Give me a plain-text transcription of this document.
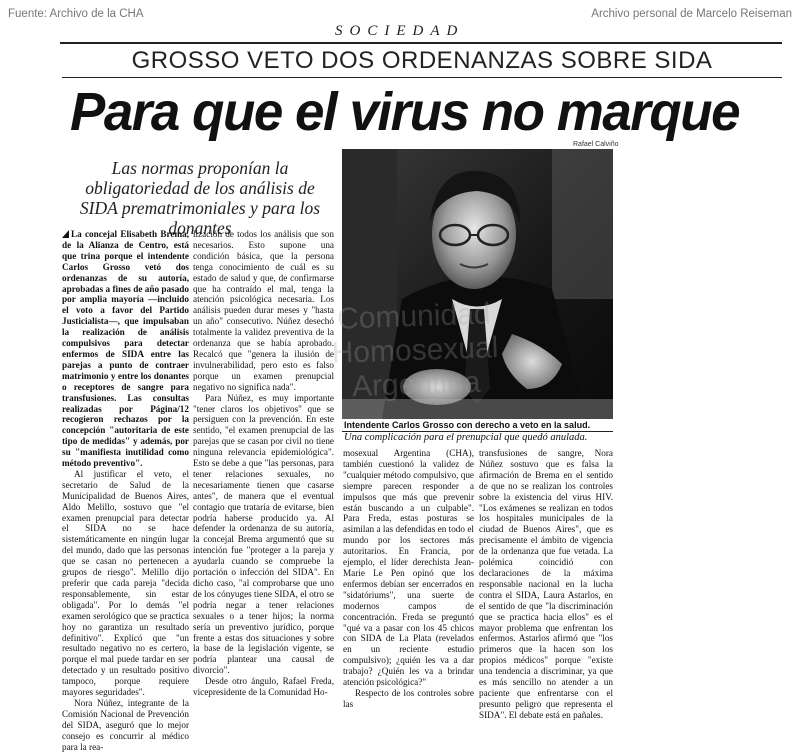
Fuente: Archivo de la CHA	Archivo personal de Marcelo Reiseman
SOCIEDAD
GROSSO VETO DOS ORDENANZAS SOBRE SIDA
Para que el virus no marque
Rafael Calviño
Las normas proponían la obligatoriedad de los análisis de SIDA prematrimoniales y para los donantes
Comunidad Homosexual Argentina
Intendente Carlos Grosso con derecho a veto en la salud.
Una complicación para el prenupcial que quedó anulada.

La concejal Elisabeth Brema, de la Alianza de Centro, está que trina porque el intendente Carlos Grosso vetó dos ordenanzas de su autoría, aprobadas a fines de año pasado por amplia mayoría —incluido el voto a favor del Partido Justicialista—, que impulsaban la realización de análisis compulsivos para detectar enfermos de SIDA entre las parejas a punto de contraer matrimonio y entre los donantes o receptores de sangre para transfusiones. Las consultas realizadas por Página/12 recogieron rechazos por la concepción "autoritaria de este tipo de medidas" y además, por su "manifiesta inutilidad como método preventivo".

Al justificar el veto, el secretario de Salud de la Municipalidad de Buenos Aires, Aldo Melillo, sostuvo que "el examen prenupcial para detectar el SIDA no se hace sistemáticamente en ningún lugar del mundo, dado que las personas que se casan no pertenecen a grupos de riesgo". Melillo dijo preferir que cada pareja "decida responsablemente, sin estar obligada". Por lo demás "el examen serológico que se practica hoy no garantiza un resultado definitivo". Explicó que "un resultado negativo no es certero, porque el mal puede tardar en ser detectado y un resultado positivo tampoco, porque requiere mayores seguridades".

Nora Núñez, integrante de la Comisión Nacional de Prevención del SIDA, aseguró que lo mejor consejo es concurrir al médico para la rea-

lización de todos los análisis que son necesarios. Esto supone una condición básica, que la persona tenga conocimiento de cuál es su estado de salud y que, de confirmarse que ha contraído el mal, tenga la atención psicológica necesaria. Los análisis pueden durar meses y "hasta un año" consecutivo. Núñez desechó totalmente la validez preventiva de la ordenanza que se había aprobado. Recalcó que "genera la ilusión de invulnerabilidad, pero esto es falso porque un examen prenupcial negativo no significa nada".

Para Núñez, es muy importante "tener claros los objetivos" que se persiguen con la prevención. En este sentido, "el examen prenupcial de las parejas que se casan por civil no tiene ninguna relevancia epidemiológica". Esto se debe a que "las personas, para tener relaciones sexuales, no necesariamente tienen que casarse antes", de manera que el eventual contagio que trataría de evitarse, bien podría haberse producido ya. Al defender la ordenanza de su autoría, la concejal Brema argumentó que su intención fue "proteger a la pareja y ayudarla cuando se compruebe la portación o infección del SIDA". En dicho caso, "al comprobarse que uno de los cónyuges tiene SIDA, el otro se podría negar a tener relaciones sexuales o a tener hijos; la norma sería un preventivo jurídico, porque frente a estas dos situaciones y sobre la base de la legislación vigente, se podría plantear una causal de divorcio".

Desde otro ángulo, Rafael Freda, vicepresidente de la Comunidad Ho-

mosexual Argentina (CHA), también cuestionó la validez de "cualquier método compulsivo, que siempre parecen responder a impulsos que más que prevenir están buscando a un culpable". Para Freda, estas posturas se asimilan a las defendidas en todo el mundo por los sectores más autoritarios. En Francia, por ejemplo, el líder derechista Jean-Marie Le Pen opinó que los enfermos debían ser encerrados en "sidatóriums", una suerte de modernos campos de concentración. Freda se preguntó "qué va a pasar con los 45 chicos con SIDA de La Plata (revelados en un reciente estudio compulsivo); ¿quién les va a dar trabajo? ¿Quién les va a brindar atención psicológica?"

Respecto de los controles sobre las

transfusiones de sangre, Nora Núñez sostuvo que es falsa la afirmación de Brema en el sentido de que no se realizan los controles sobre la existencia del virus HIV. "Los exámenes se realizan en todos los hospitales municipales de la ciudad de Buenos Aires", que es precisamente el ámbito de vigencia de la ordenanza que fue vetada. La polémica coincidió con declaraciones de la máxima responsable nacional en la lucha contra el SIDA, Laura Astarlos, en el sentido de que "la discriminación que se practica hacia ellos" es el mayor problema que enfrentan los enfermos. Astarlos afirmó que "los primeros que la hacen son los propios médicos" porque "existe una tendencia a discriminar, ya que es más sencillo no atender a un paciente que enfrentarse con el presunto peligro que representa el SIDA". El debate está en pañales.
